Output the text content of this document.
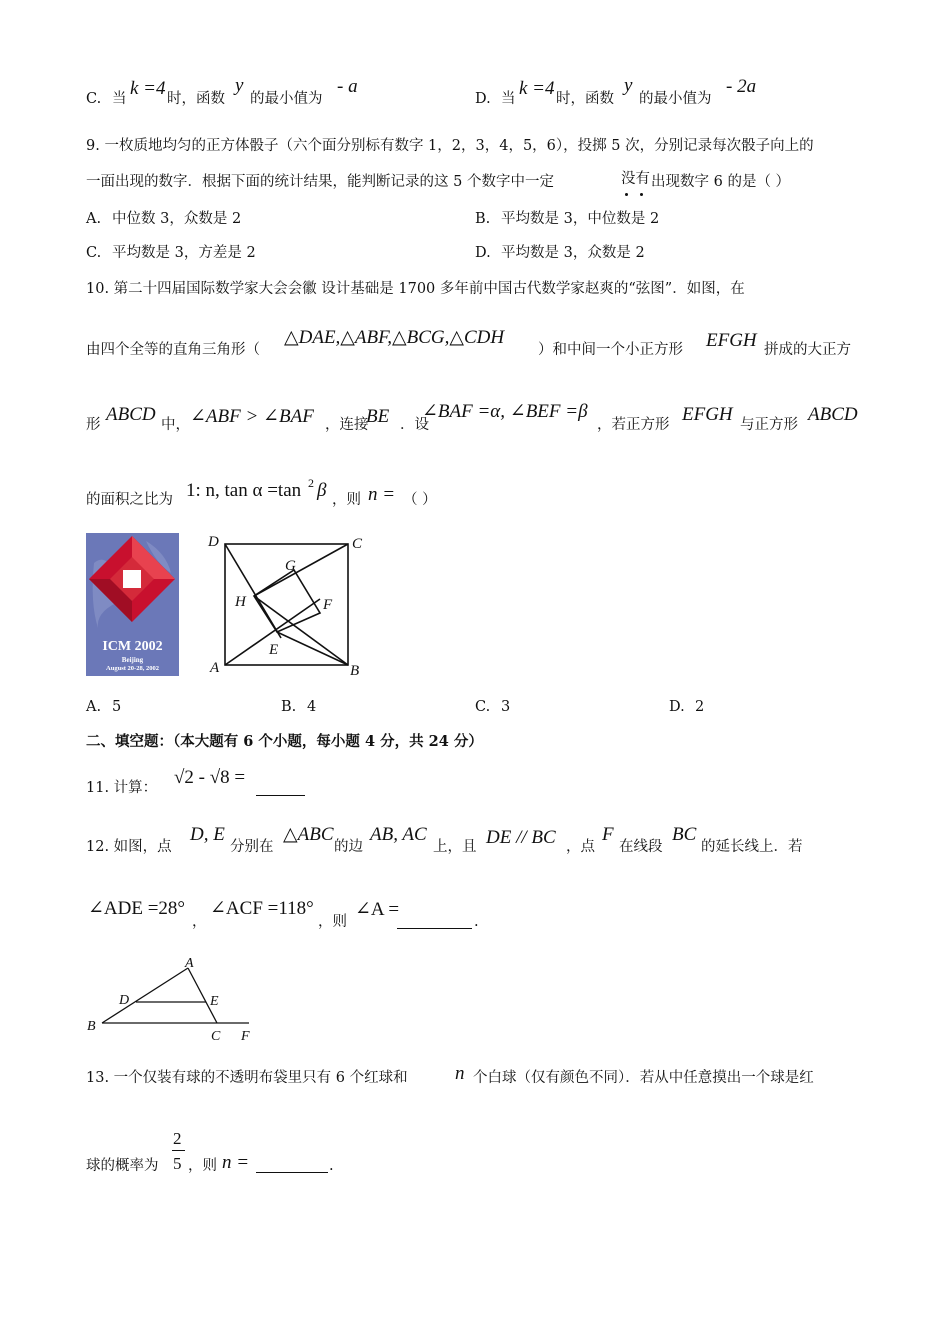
C. 当 k =4 时，函数
y
的最小值为
- a
D. 当 k =4 时，函数
y
的最小值为
- 2a
9. 一枚质地均匀的正方体骰子（六个面分别标有数字 1，2，3，4，5，6），投掷 5 次，分别记录每次骰子向上的
一面出现的数字．根据下面的统计结果，能判断记录的这 5 个数字中一定	没有 出现数字 6 的是（ ）
A. 中位数 3，众数是 2	B. 平均数是 3，中位数是 2
C. 平均数是 3，方差是 2	D. 平均数是 3，众数是 2
10. 第二十四届国际数学家大会会徽 设计基础是 1700 多年前中国古代数学家赵爽的“弦图”．如图，在
由四个全等的直角三角形（
△DAE,△ABF,△BCG,△CDH
）和中间一个小正方形 EFGH 拼成的大正方
形 ABCD 中， ∠ABF > ∠BAF ，连接
BE ．设
∠BAF =α, ∠BEF =β
，若正方形 EFGH 与正方形 ABCD
的面积之比为 1: n, tan α =tan 2 β ，则 n = （ ）
ICM 2002
Beijing
August 20-28, 2002
D	C
A	B
G
H	F
E
A. 5	B. 4	C. 3	D. 2
二、填空题：（本大题有 6 个小题，每小题 4 分，共 24 分）
11. 计算： √2 - √8 =
12. 如图，点
D, E
分别在
△ABC
的边
AB, AC
上，且 DE // BC ，点
F
在线段
BC
的延长线上．若
∠ADE =28°
，
∠ACF =118°
，则
∠A =
.
A
D	E
B
C F
13. 一个仅装有球的不透明布袋里只有 6 个红球和 n 个白球（仅有颜色不同）．若从中任意摸出一个球是红
球的概率为
2
5 ，则 n =	.
